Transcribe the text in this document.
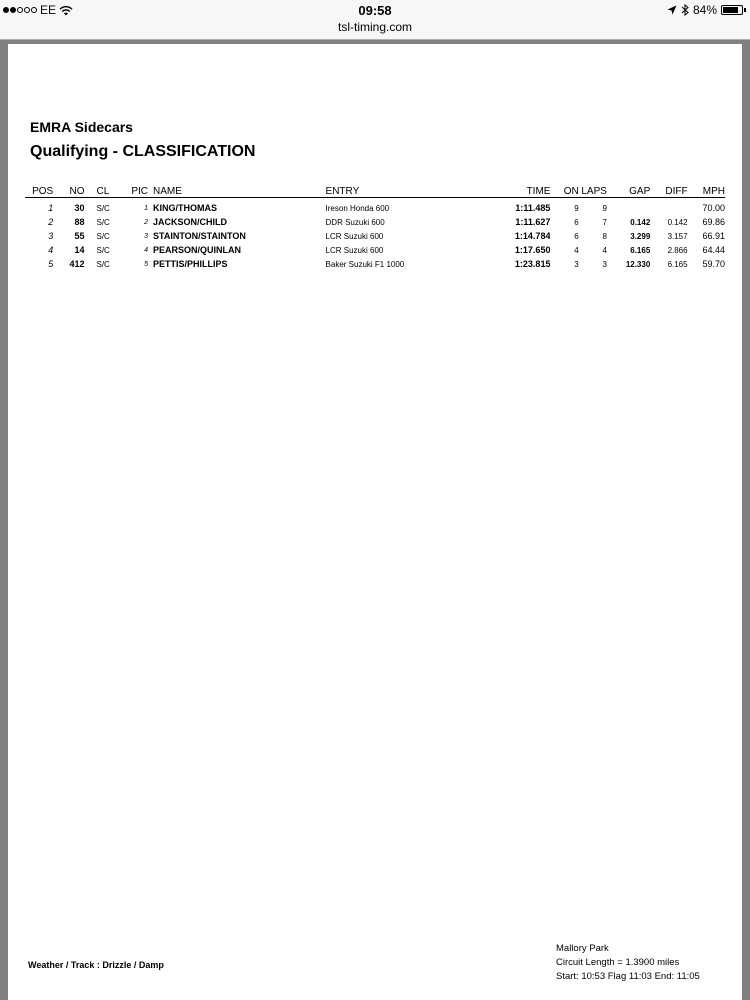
EE	09:58	84%
tsl-timing.com
EMRA Sidecars
Qualifying - CLASSIFICATION
POS	NO	CL	PIC	NAME	ENTRY	TIME	ON	LAPS	GAP	DIFF	MPH
1	30	S/C	1	KING/THOMAS	Ireson Honda 600	1:11.485	9	9			70.00
2	88	S/C	2	JACKSON/CHILD	DDR Suzuki 600	1:11.627	6	7	0.142	0.142	69.86
3	55	S/C	3	STAINTON/STAINTON	LCR Suzuki 600	1:14.784	6	8	3.299	3.157	66.91
4	14	S/C	4	PEARSON/QUINLAN	LCR Suzuki 600	1:17.650	4	4	6.165	2.866	64.44
5	412	S/C	5	PETTIS/PHILLIPS	Baker Suzuki F1 1000	1:23.815	3	3	12.330	6.165	59.70
Weather / Track : Drizzle / Damp
Mallory Park
Circuit Length = 1.3900 miles
Start: 10:53 Flag 11:03 End: 11:05
